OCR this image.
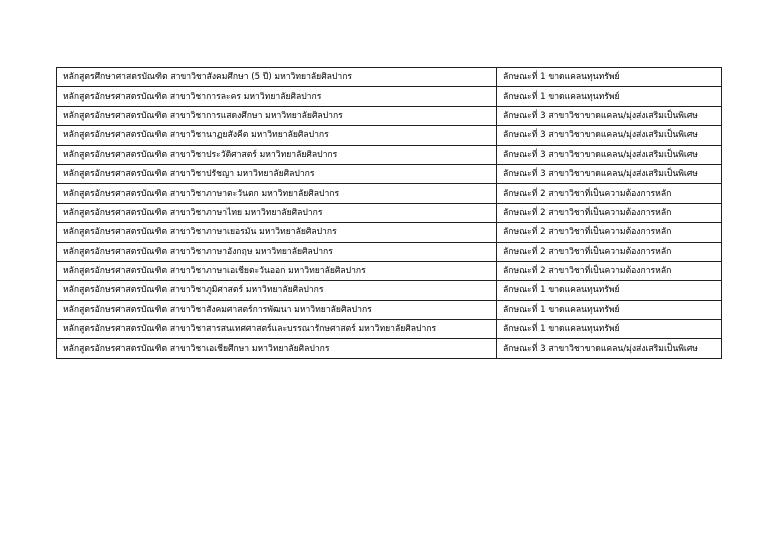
หลักสูตรศึกษาศาสตรบัณฑิต สาขาวิชาสังคมศึกษา (5 ปี) มหาวิทยาลัยศิลปากร	ลักษณะที่ 1 ขาดแคลนทุนทรัพย์
หลักสูตรอักษรศาสตรบัณฑิต สาขาวิชาการละคร มหาวิทยาลัยศิลปากร	ลักษณะที่ 1 ขาดแคลนทุนทรัพย์
หลักสูตรอักษรศาสตรบัณฑิต สาขาวิชาการแสดงศึกษา มหาวิทยาลัยศิลปากร	ลักษณะที่ 3 สาขาวิชาขาดแคลน/มุ่งส่งเสริมเป็นพิเศษ
หลักสูตรอักษรศาสตรบัณฑิต สาขาวิชานาฏยสังคีต มหาวิทยาลัยศิลปากร	ลักษณะที่ 3 สาขาวิชาขาดแคลน/มุ่งส่งเสริมเป็นพิเศษ
หลักสูตรอักษรศาสตรบัณฑิต สาขาวิชาประวัติศาสตร์ มหาวิทยาลัยศิลปากร	ลักษณะที่ 3 สาขาวิชาขาดแคลน/มุ่งส่งเสริมเป็นพิเศษ
หลักสูตรอักษรศาสตรบัณฑิต สาขาวิชาปรัชญา มหาวิทยาลัยศิลปากร	ลักษณะที่ 3 สาขาวิชาขาดแคลน/มุ่งส่งเสริมเป็นพิเศษ
หลักสูตรอักษรศาสตรบัณฑิต สาขาวิชาภาษาตะวันตก มหาวิทยาลัยศิลปากร	ลักษณะที่ 2 สาขาวิชาที่เป็นความต้องการหลัก
หลักสูตรอักษรศาสตรบัณฑิต สาขาวิชาภาษาไทย มหาวิทยาลัยศิลปากร	ลักษณะที่ 2 สาขาวิชาที่เป็นความต้องการหลัก
หลักสูตรอักษรศาสตรบัณฑิต สาขาวิชาภาษาเยอรมัน มหาวิทยาลัยศิลปากร	ลักษณะที่ 2 สาขาวิชาที่เป็นความต้องการหลัก
หลักสูตรอักษรศาสตรบัณฑิต สาขาวิชาภาษาอังกฤษ มหาวิทยาลัยศิลปากร	ลักษณะที่ 2 สาขาวิชาที่เป็นความต้องการหลัก
หลักสูตรอักษรศาสตรบัณฑิต สาขาวิชาภาษาเอเชียตะวันออก มหาวิทยาลัยศิลปากร	ลักษณะที่ 2 สาขาวิชาที่เป็นความต้องการหลัก
หลักสูตรอักษรศาสตรบัณฑิต สาขาวิชาภูมิศาสตร์ มหาวิทยาลัยศิลปากร	ลักษณะที่ 1 ขาดแคลนทุนทรัพย์
หลักสูตรอักษรศาสตรบัณฑิต สาขาวิชาสังคมศาสตร์การพัฒนา มหาวิทยาลัยศิลปากร	ลักษณะที่ 1 ขาดแคลนทุนทรัพย์
หลักสูตรอักษรศาสตรบัณฑิต สาขาวิชาสารสนเทศศาสตร์และบรรณารักษศาสตร์ มหาวิทยาลัยศิลปากร	ลักษณะที่ 1 ขาดแคลนทุนทรัพย์
หลักสูตรอักษรศาสตรบัณฑิต สาขาวิชาเอเชียศึกษา มหาวิทยาลัยศิลปากร	ลักษณะที่ 3 สาขาวิชาขาดแคลน/มุ่งส่งเสริมเป็นพิเศษ
